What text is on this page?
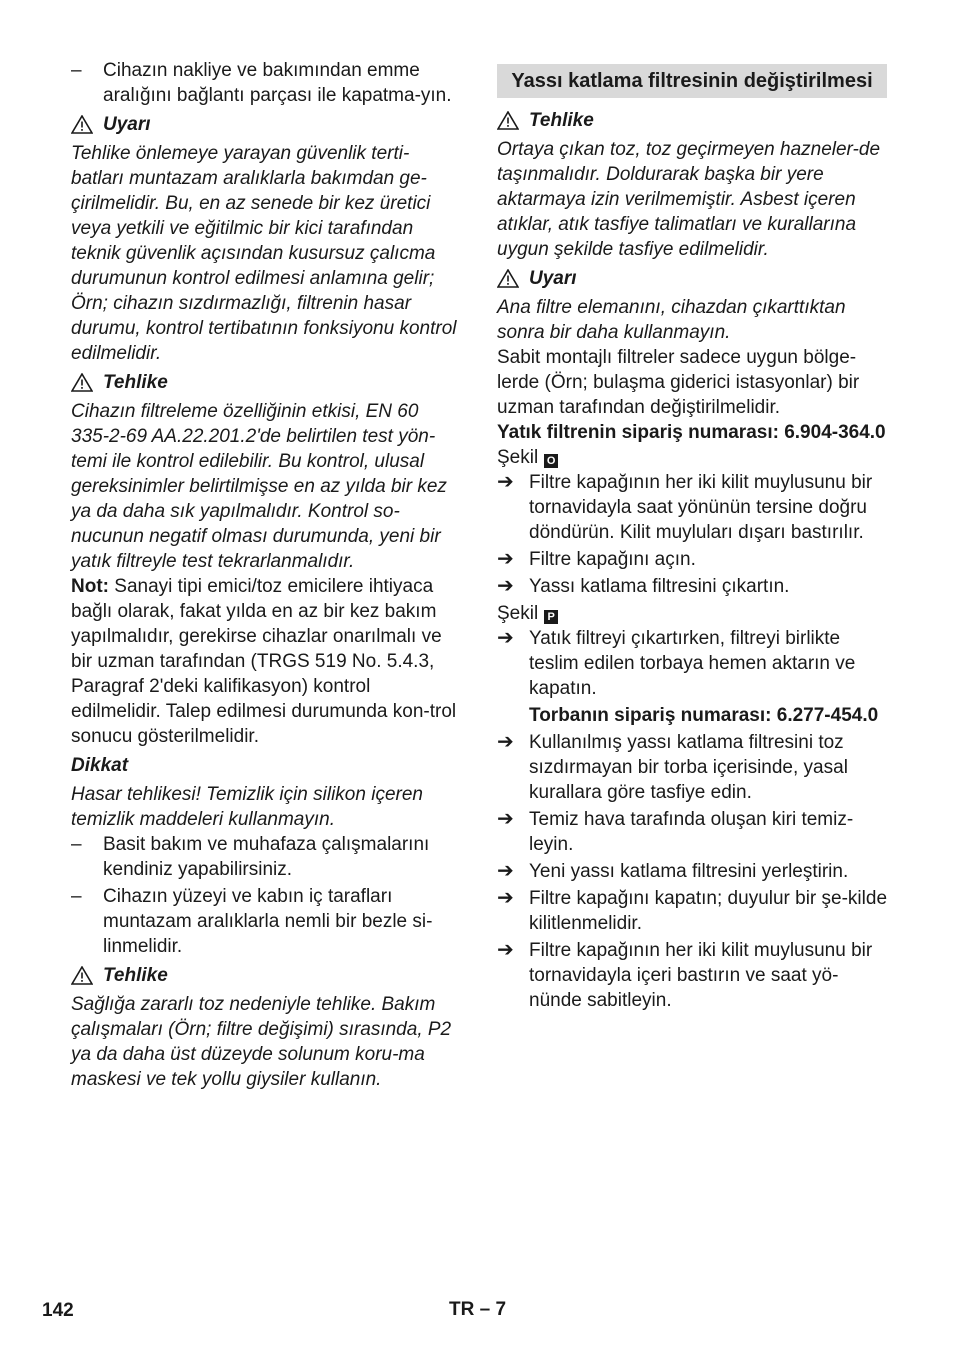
– Cihazın nakliye ve bakımından emme aralığını bağlantı parçası ile kapatma-yın.
Uyarı

Tehlike önlemeye yarayan güvenlik terti-batları muntazam aralıklarla bakımdan ge-çirilmelidir. Bu, en az senede bir kez üretici veya yetkili ve eğitilmic bir kici tarafından teknik güvenlik açısından kusursuz çalıcma durumunun kontrol edilmesi anlamına gelir; Örn; cihazın sızdırmazlığı, filtrenin hasar durumu, kontrol tertibatının fonksiyonu kontrol edilmelidir.

Tehlike

Cihazın filtreleme özelliğinin etkisi, EN 60 335-2-69 AA.22.201.2'de belirtilen test yön-temi ile kontrol edilebilir. Bu kontrol, ulusal gereksinimler belirtilmişse en az yılda bir kez ya da daha sık yapılmalıdır. Kontrol so-nucunun negatif olması durumunda, yeni bir yatık filtreyle test tekrarlanmalıdır.

Not: Sanayi tipi emici/toz emicilere ihtiyaca bağlı olarak, fakat yılda en az bir kez bakım yapılmalıdır, gerekirse cihazlar onarılmalı ve bir uzman tarafından (TRGS 519 No. 5.4.3, Paragraf 2'deki kalifikasyon) kontrol edilmelidir. Talep edilmesi durumunda kon-trol sonucu gösterilmelidir.

Dikkat

Hasar tehlikesi! Temizlik için silikon içeren temizlik maddeleri kullanmayın.

– Basit bakım ve muhafaza çalışmalarını kendiniz yapabilirsiniz.
– Cihazın yüzeyi ve kabın iç tarafları muntazam aralıklarla nemli bir bezle si-linmelidir.
Tehlike

Sağlığa zararlı toz nedeniyle tehlike. Bakım çalışmaları (Örn; filtre değişimi) sırasında, P2 ya da daha üst düzeyde solunum koru-ma maskesi ve tek yollu giysiler kullanın.

Yassı katlama filtresinin değiştirilmesi
Tehlike

Ortaya çıkan toz, toz geçirmeyen hazneler-de taşınmalıdır. Doldurarak başka bir yere aktarmaya izin verilmemiştir. Asbest içeren atıklar, atık tasfiye talimatları ve kurallarına uygun şekilde tasfiye edilmelidir.

Uyarı

Ana filtre elemanını, cihazdan çıkarttıktan sonra bir daha kullanmayın.

Sabit montajlı filtreler sadece uygun bölge-lerde (Örn; bulaşma giderici istasyonlar) bir uzman tarafından değiştirilmelidir.

Yatık filtrenin sipariş numarası: 6.904-364.0

Şekil O

➔ Filtre kapağının her iki kilit muylusunu bir tornavidayla saat yönünün tersine doğru döndürün. Kilit muyluları dışarı bastırılır.
➔ Filtre kapağını açın.
➔ Yassı katlama filtresini çıkartın.

Şekil P

➔ Yatık filtreyi çıkartırken, filtreyi birlikte teslim edilen torbaya hemen aktarın ve kapatın.

Torbanın sipariş numarası: 6.277-454.0

➔ Kullanılmış yassı katlama filtresini toz sızdırmayan bir torba içerisinde, yasal kurallara göre tasfiye edin.
➔ Temiz hava tarafında oluşan kiri temiz-leyin.
➔ Yeni yassı katlama filtresini yerleştirin.
➔ Filtre kapağını kapatın; duyulur bir şe-kilde kilitlenmelidir.
➔ Filtre kapağının her iki kilit muylusunu bir tornavidayla içeri bastırın ve saat yö-nünde sabitleyin.
142	TR – 7
